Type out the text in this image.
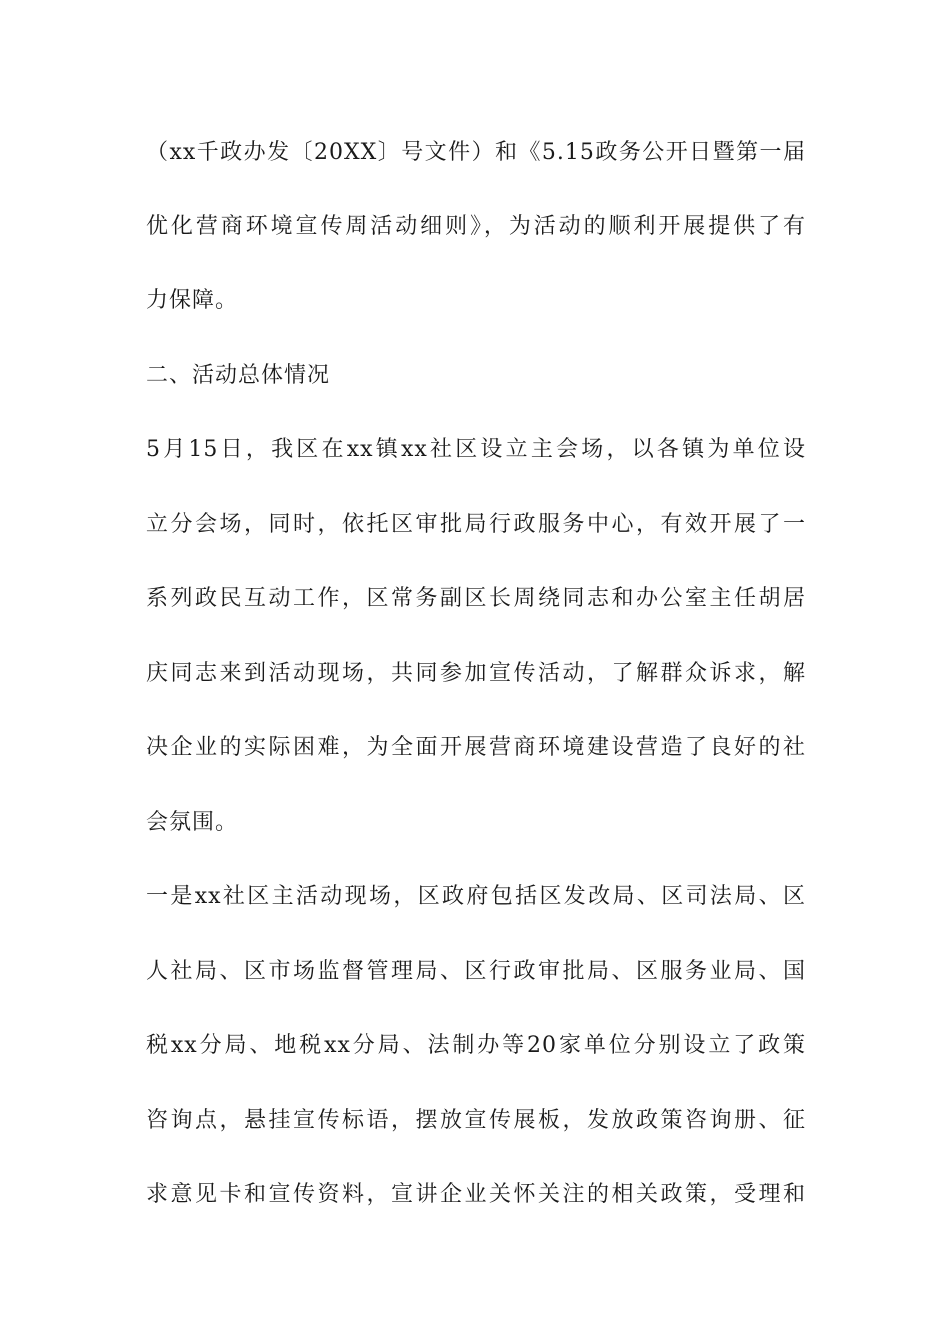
（xx千政办发〔20XX〕号文件）和《5.15政务公开日暨第一届
优化营商环境宣传周活动细则》，为活动的顺利开展提供了有
力保障。
二、活动总体情况
5月15日，我区在xx镇xx社区设立主会场，以各镇为单位设
立分会场，同时，依托区审批局行政服务中心，有效开展了一
系列政民互动工作，区常务副区长周绕同志和办公室主任胡居
庆同志来到活动现场，共同参加宣传活动，了解群众诉求，解
决企业的实际困难，为全面开展营商环境建设营造了良好的社
会氛围。
一是xx社区主活动现场，区政府包括区发改局、区司法局、区
人社局、区市场监督管理局、区行政审批局、区服务业局、国
税xx分局、地税xx分局、法制办等20家单位分别设立了政策
咨询点，悬挂宣传标语，摆放宣传展板，发放政策咨询册、征
求意见卡和宣传资料，宣讲企业关怀关注的相关政策，受理和
